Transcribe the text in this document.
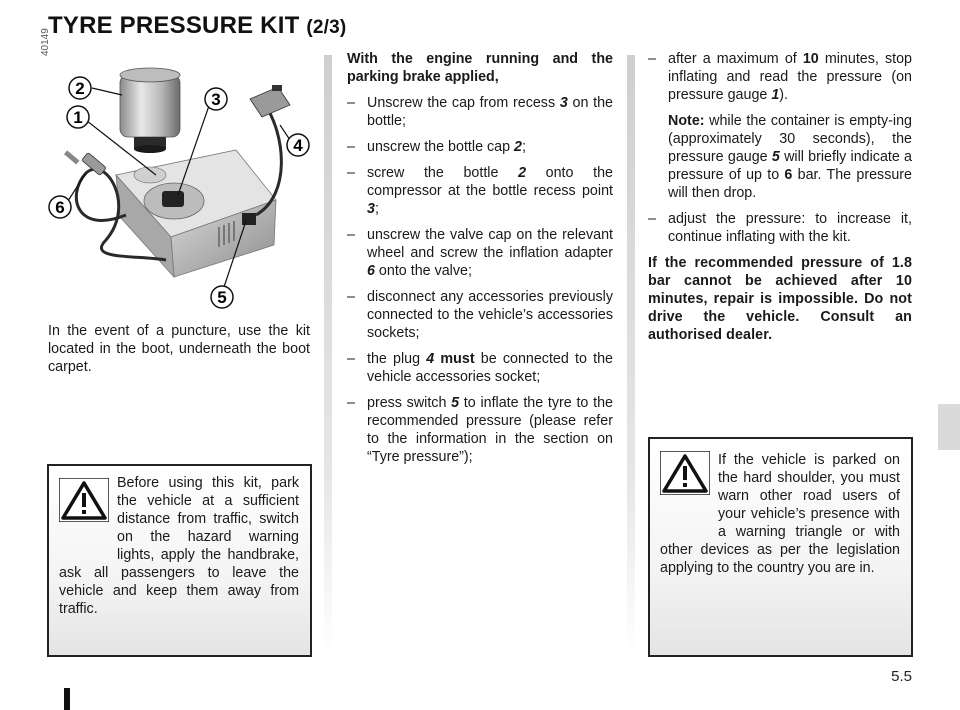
TYRE PRESSURE KIT (2/3)
40149
2
1
3
4
5
6

In the event of a puncture, use the kit located in the boot, underneath the boot carpet.

Before using this kit, park the vehicle at a sufficient distance from traffic, switch on the hazard warning lights, apply the handbrake, ask all passengers to leave the vehicle and keep them away from traffic.

With the engine running and the parking brake applied,

– Unscrew the cap from recess 3 on the bottle;
– unscrew the bottle cap 2;
– screw the bottle 2 onto the compressor at the bottle recess point 3;
– unscrew the valve cap on the relevant wheel and screw the inflation adapter 6 onto the valve;
– disconnect any accessories previously connected to the vehicle’s accessories sockets;
– the plug 4 must be connected to the vehicle accessories socket;
– press switch 5 to inflate the tyre to the recommended pressure (please refer to the information in the section on “Tyre pressure”);
– after a maximum of 10 minutes, stop inflating and read the pressure (on pressure gauge 1).
Note: while the container is empty-ing (approximately 30 seconds), the pressure gauge 5 will briefly indicate a pressure of up to 6 bar. The pressure will then drop.
– adjust the pressure: to increase it, continue inflating with the kit.

If the recommended pressure of 1.8 bar cannot be achieved after 10 minutes, repair is impossible. Do not drive the vehicle. Consult an authorised dealer.

If the vehicle is parked on the hard shoulder, you must warn other road users of your vehicle’s presence with a warning triangle or with other devices as per the legislation applying to the country you are in.
5.5
